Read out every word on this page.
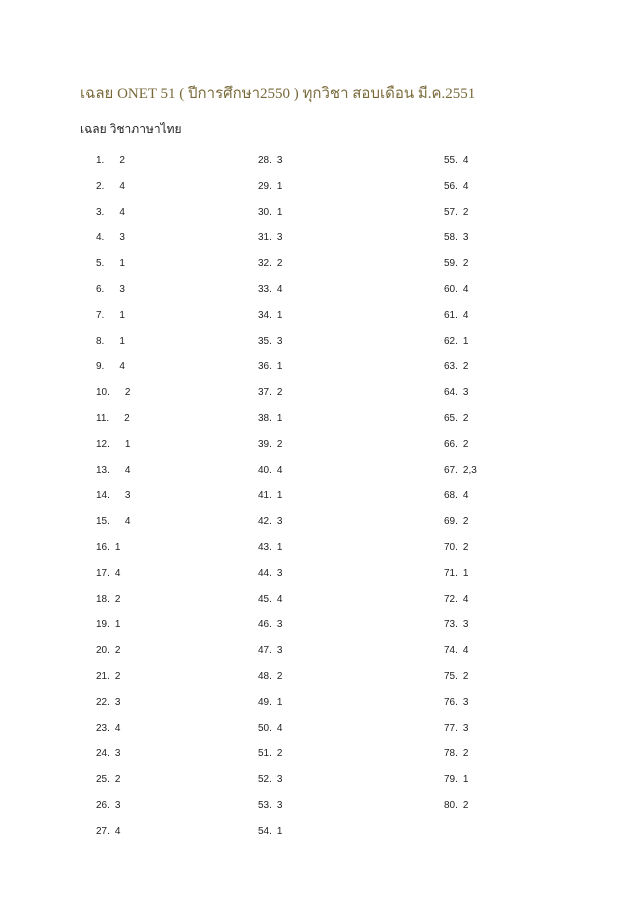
เฉลย ONET 51 ( ปีการศึกษา2550 ) ทุกวิชา สอบเดือน มี.ค.2551
เฉลย วิชาภาษาไทย
1. 2
2. 4
3. 4
4. 3
5. 1
6. 3
7. 1
8. 1
9. 4
10. 2
11. 2
12. 1
13. 4
14. 3
15. 4
16. 1
17. 4
18. 2
19. 1
20. 2
21. 2
22. 3
23. 4
24. 3
25. 2
26. 3
27. 4
28. 3
29. 1
30. 1
31. 3
32. 2
33. 4
34. 1
35. 3
36. 1
37. 2
38. 1
39. 2
40. 4
41. 1
42. 3
43. 1
44. 3
45. 4
46. 3
47. 3
48. 2
49. 1
50. 4
51. 2
52. 3
53. 3
54. 1
55. 4
56. 4
57. 2
58. 3
59. 2
60. 4
61. 4
62. 1
63. 2
64. 3
65. 2
66. 2
67. 2,3
68. 4
69. 2
70. 2
71. 1
72. 4
73. 3
74. 4
75. 2
76. 3
77. 3
78. 2
79. 1
80. 2
